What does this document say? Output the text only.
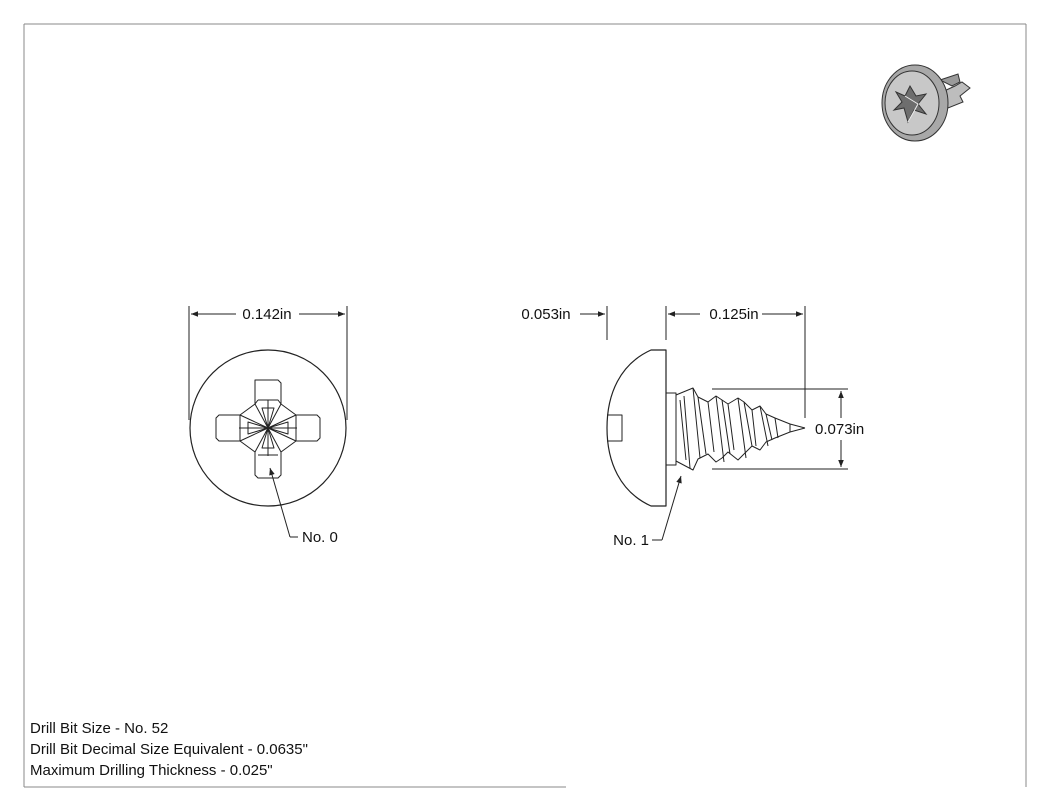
0.142in
No. 0
0.053in	0.125in
0.073in
No. 1
Drill Bit Size - No. 52
Drill Bit Decimal Size Equivalent - 0.0635"
Maximum Drilling Thickness - 0.025"
